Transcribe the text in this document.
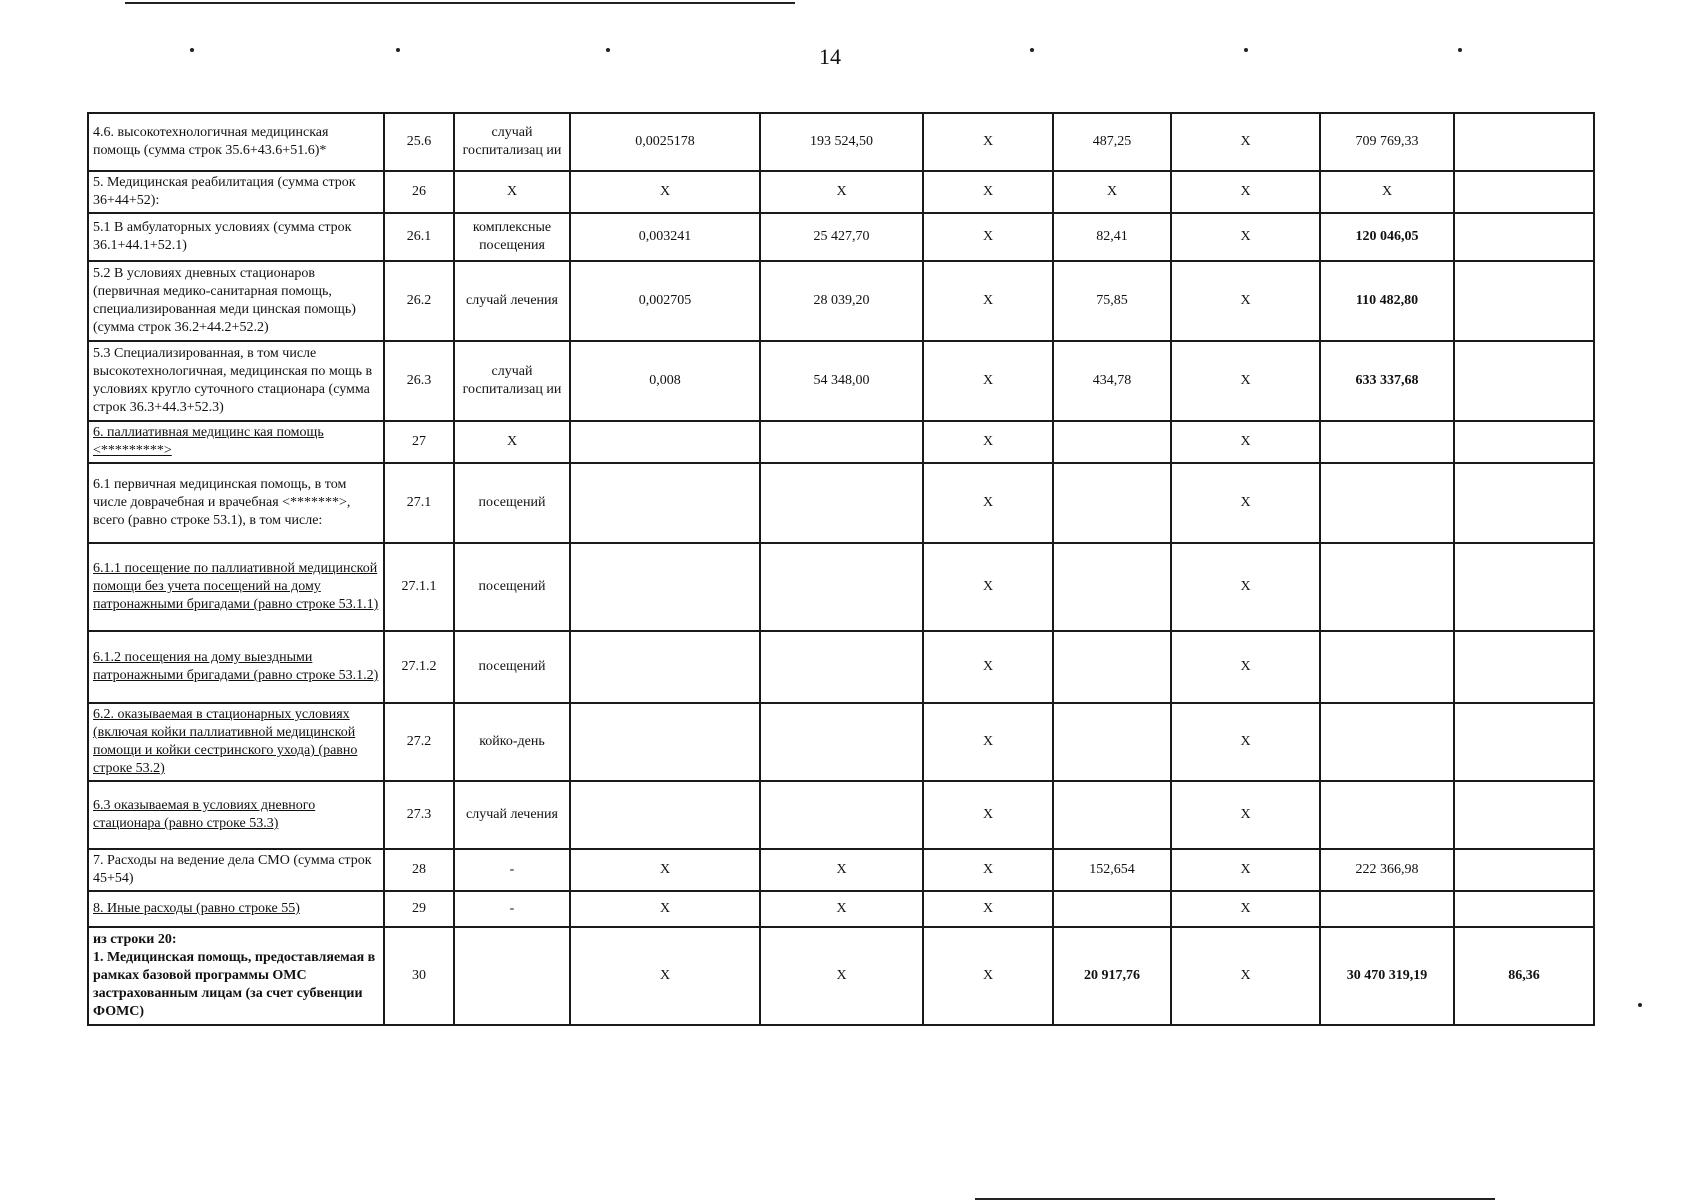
14
4.6. высокотехнологичная медицинская помощь (сумма строк 35.6+43.6+51.6)*	25.6	случай госпитализац ии	0,0025178	193 524,50	X	487,25	X	709 769,33	
5. Медицинская реабилитация (сумма строк 36+44+52):	26	X	X	X	X	X	X	X	
5.1 В амбулаторных условиях (сумма строк 36.1+44.1+52.1)	26.1	комплексные посещения	0,003241	25 427,70	X	82,41	X	120 046,05	
5.2 В условиях дневных стационаров (первичная медико-санитарная помощь, специализированная меди цинская помощь) (сумма строк 36.2+44.2+52.2)	26.2	случай лечения	0,002705	28 039,20	X	75,85	X	110 482,80	
5.3 Специализированная, в том числе высокотехнологичная, медицинская по мощь в условиях кругло суточного стационара (сумма строк 36.3+44.3+52.3)	26.3	случай госпитализац ии	0,008	54 348,00	X	434,78	X	633 337,68	
6. паллиативная медицинс кая помощь <*********>	27	X			X		X		
6.1 первичная медицинская помощь, в том числе доврачебная и врачебная <*******>, всего (равно строке 53.1), в том числе:	27.1	посещений			X		X		
6.1.1 посещение по паллиативной медицинской помощи без учета посещений на дому патронажными бригадами (равно строке 53.1.1)	27.1.1	посещений			X		X		
6.1.2 посещения на дому выездными патронажными бригадами (равно строке 53.1.2)	27.1.2	посещений			X		X		
6.2. оказываемая в стационарных условиях (включая койки паллиативной медицинской помощи и койки сестринского ухода) (равно строке 53.2)	27.2	койко-день			X		X		
6.3 оказываемая в условиях дневного стационара (равно строке 53.3)	27.3	случай лечения			X		X		
7. Расходы на ведение дела СМО (сумма строк 45+54)	28	-	X	X	X	152,654	X	222 366,98	
8. Иные расходы (равно строке 55)	29	-	X	X	X		X		
из строки 20:
1. Медицинская помощь, предоставляемая в рамках базовой программы ОМС застрахованным лицам (за счет субвенции ФОМС)	30		X	X	X	20 917,76	X	30 470 319,19	86,36
